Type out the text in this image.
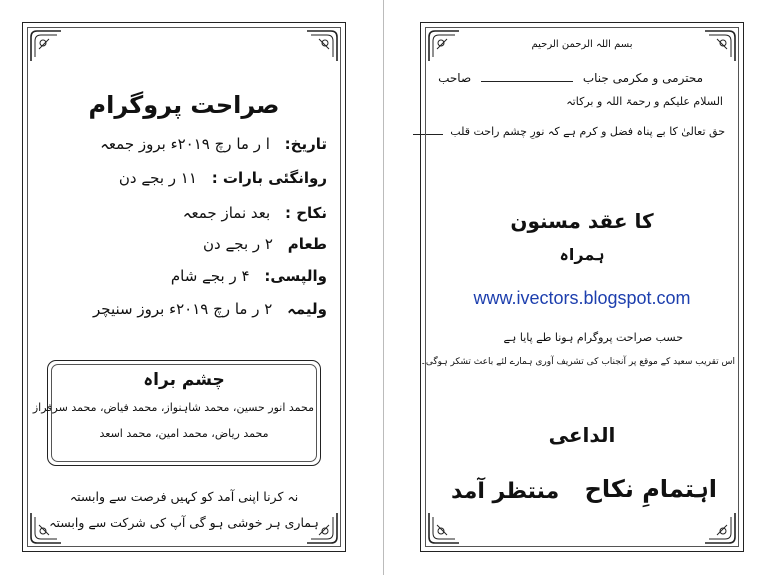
صراحت پروگرام
تاریخ: ا ر ما رچ ۲۰۱۹ء بروز جمعہ
روانگئی بارات : ۱۱ ر بجے دن
نکاح : بعد نماز جمعہ
طعام ۲ ر بجے دن
والپسی: ۴ ر بجے شام
ولیمہ ۲ ر ما رچ ۲۰۱۹ء بروز سنیچر
چشم براہ
محمد انور حسین، محمد شاہنواز، محمد فیاض، محمد سرفراز
محمد ریاض، محمد امین، محمد اسعد
نہ کرنا اپنی آمد کو کہیں فرصت سے وابستہ
ہماری ہر خوشی ہو گی آپ کی شرکت سے وابستہ
بسم اللہ الرحمن الرحیم
محترمی و مکرمی جناب  صاحب
السلام علیکم و رحمۃ اللہ و برکاتہ
حق تعالیٰ کا بے پناہ فضل و کرم ہے کہ نورِ چشم راحت قلب
کا عقد مسنون
ہمراہ
www.ivectors.blogspot.com
حسب صراحت پروگرام ہونا طے پایا ہے
اس تقریب سعید کے موقع پر آنجناب کی تشریف آوری ہمارے لئے باعث تشکر ہوگی۔
الداعی
اہتمامِ نکاح
منتظر آمد
